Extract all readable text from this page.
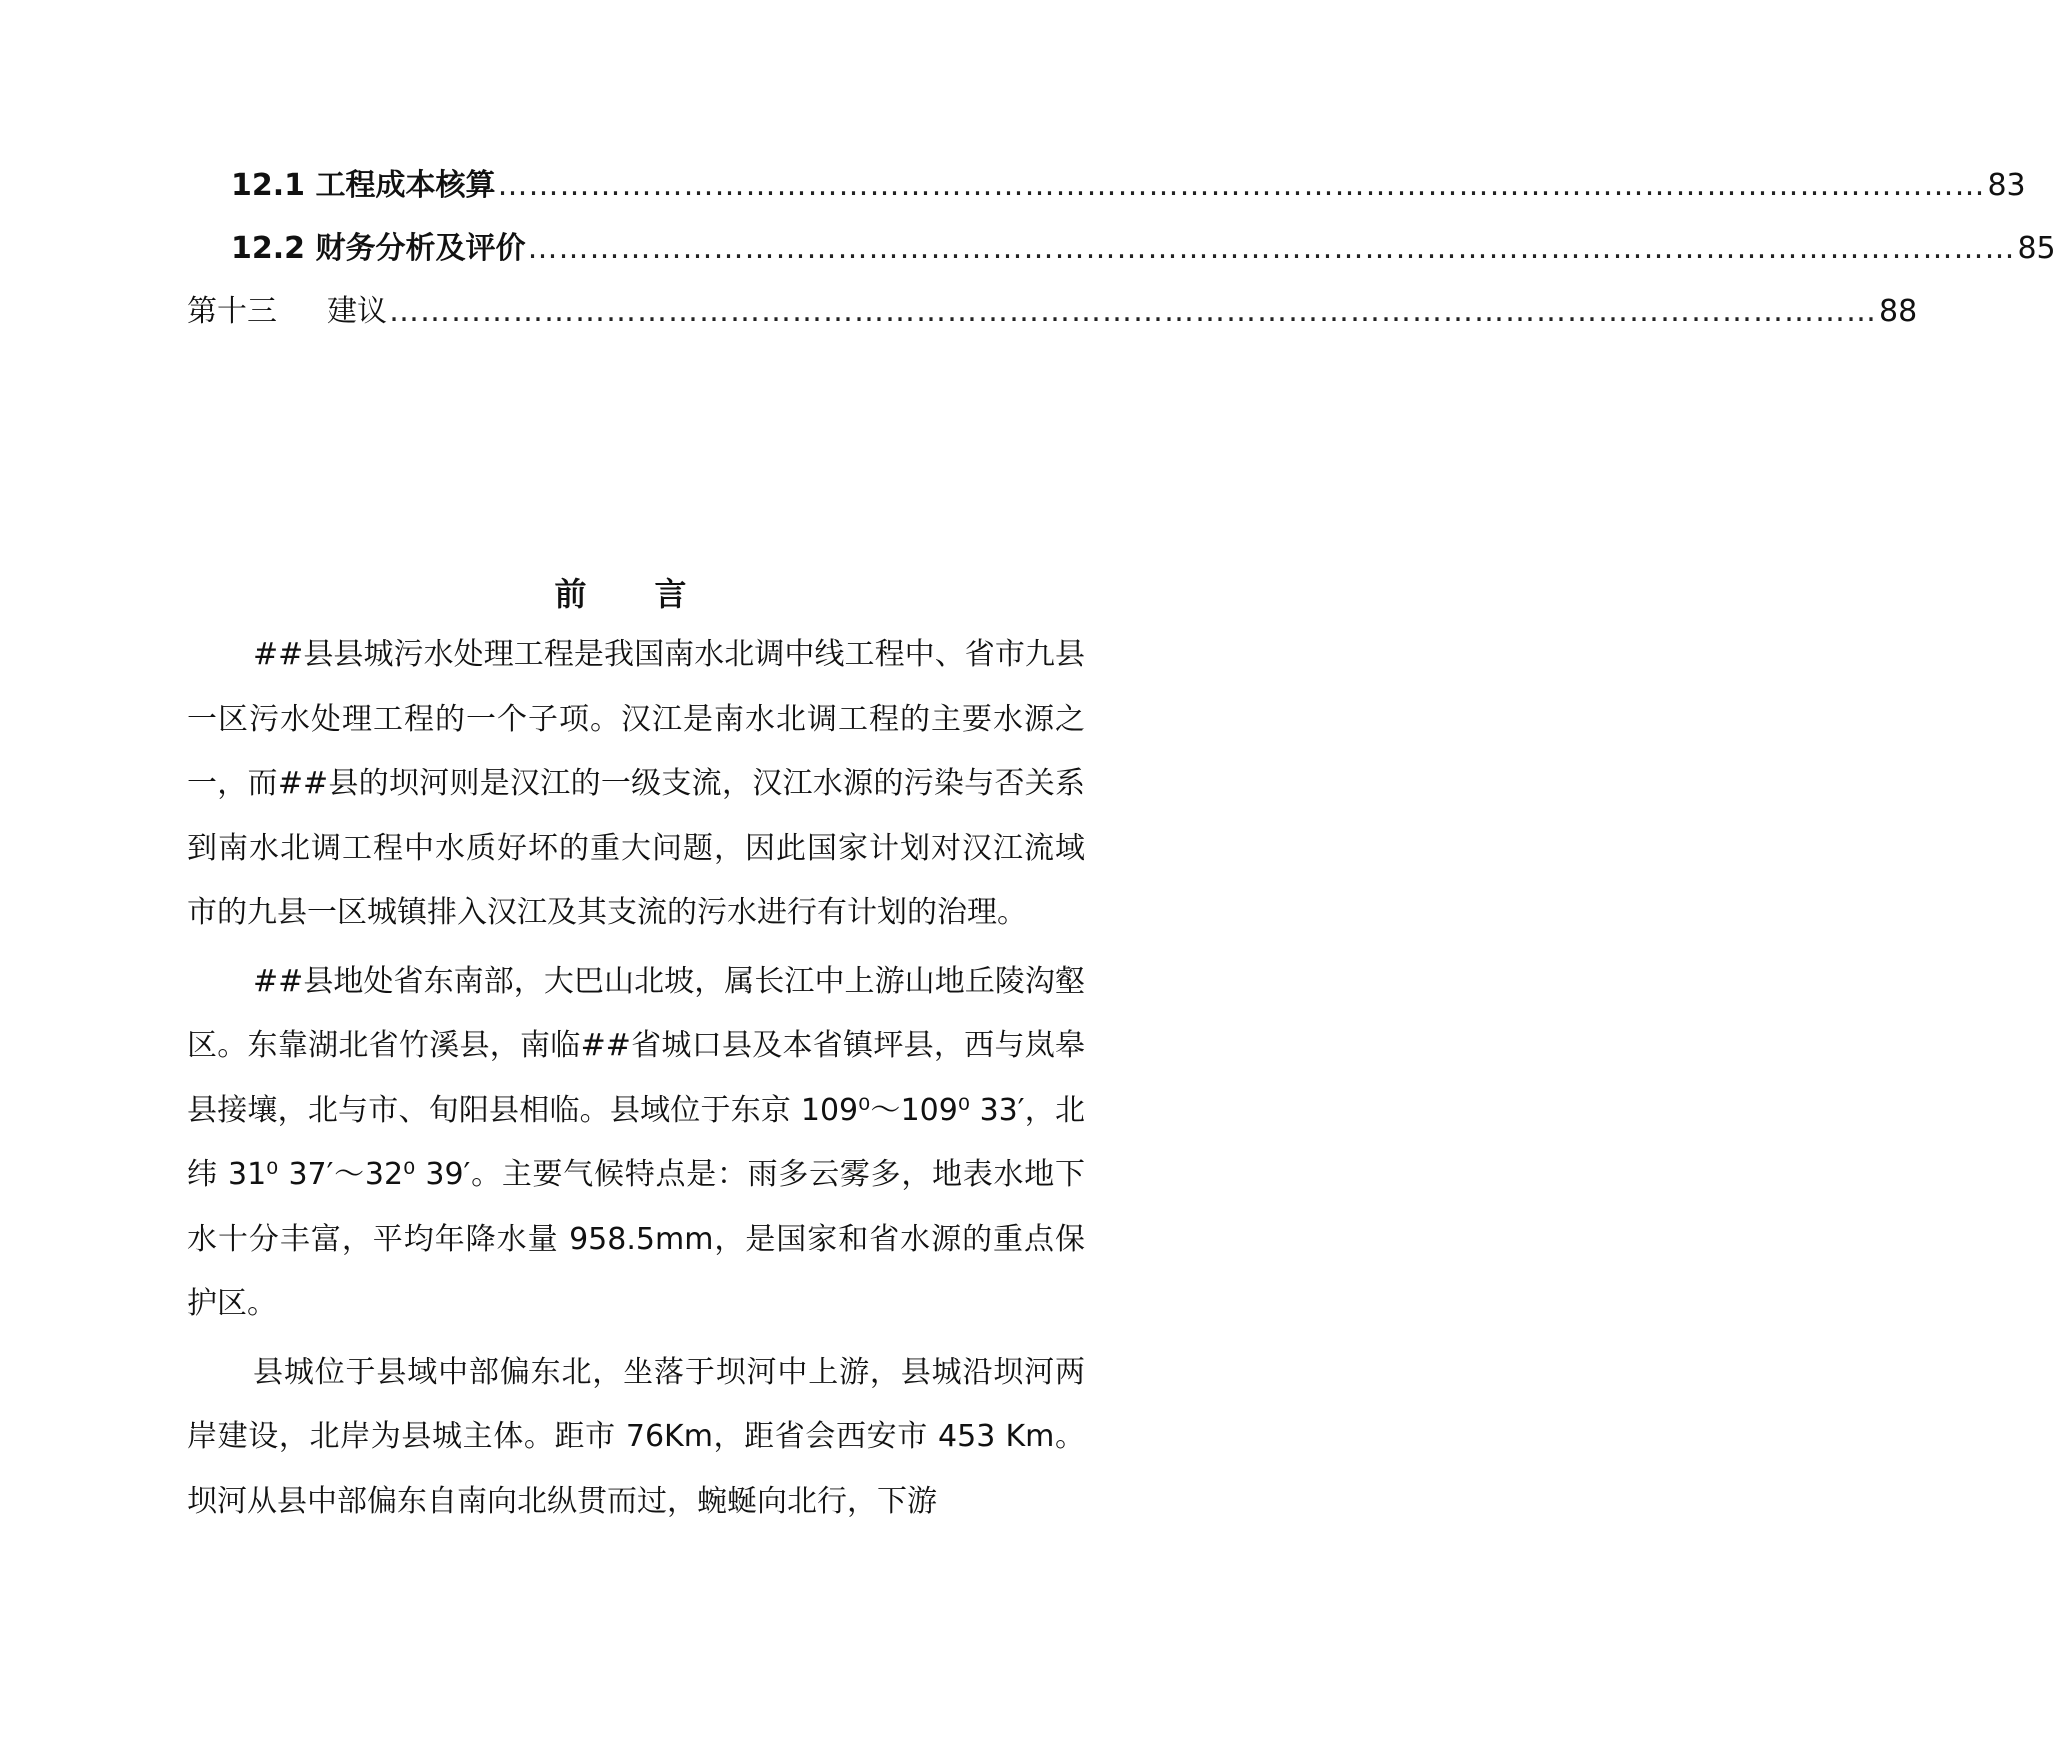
12.1 工程成本核算 ……………………………………………………………………………………………………………………………… 83
12.2 财务分析及评价 ……………………………………………………………………………………………………………………………… 85
第十三 建议 ……………………………………………………………………………………………………………………………… 88
前言

##县县城污水处理工程是我国南水北调中线工程中、省市九县一区污水处理工程的一个子项。汉江是南水北调工程的主要水源之一，而##县的坝河则是汉江的一级支流，汉江水源的污染与否关系到南水北调工程中水质好坏的重大问题，因此国家计划对汉江流域市的九县一区城镇排入汉江及其支流的污水进行有计划的治理。

##县地处省东南部，大巴山北坡，属长江中上游山地丘陵沟壑区。东靠湖北省竹溪县，南临##省城口县及本省镇坪县，西与岚皋县接壤，北与市、旬阳县相临。县域位于东京 109⁰～109⁰ 33′，北纬 31⁰ 37′～32⁰ 39′。主要气候特点是：雨多云雾多，地表水地下水十分丰富，平均年降水量 958.5mm，是国家和省水源的重点保护区。

县城位于县域中部偏东北，坐落于坝河中上游，县城沿坝河两岸建设，北岸为县城主体。距市 76Km，距省会西安市 453 Km。坝河从县中部偏东自南向北纵贯而过，蜿蜒向北行，下游
